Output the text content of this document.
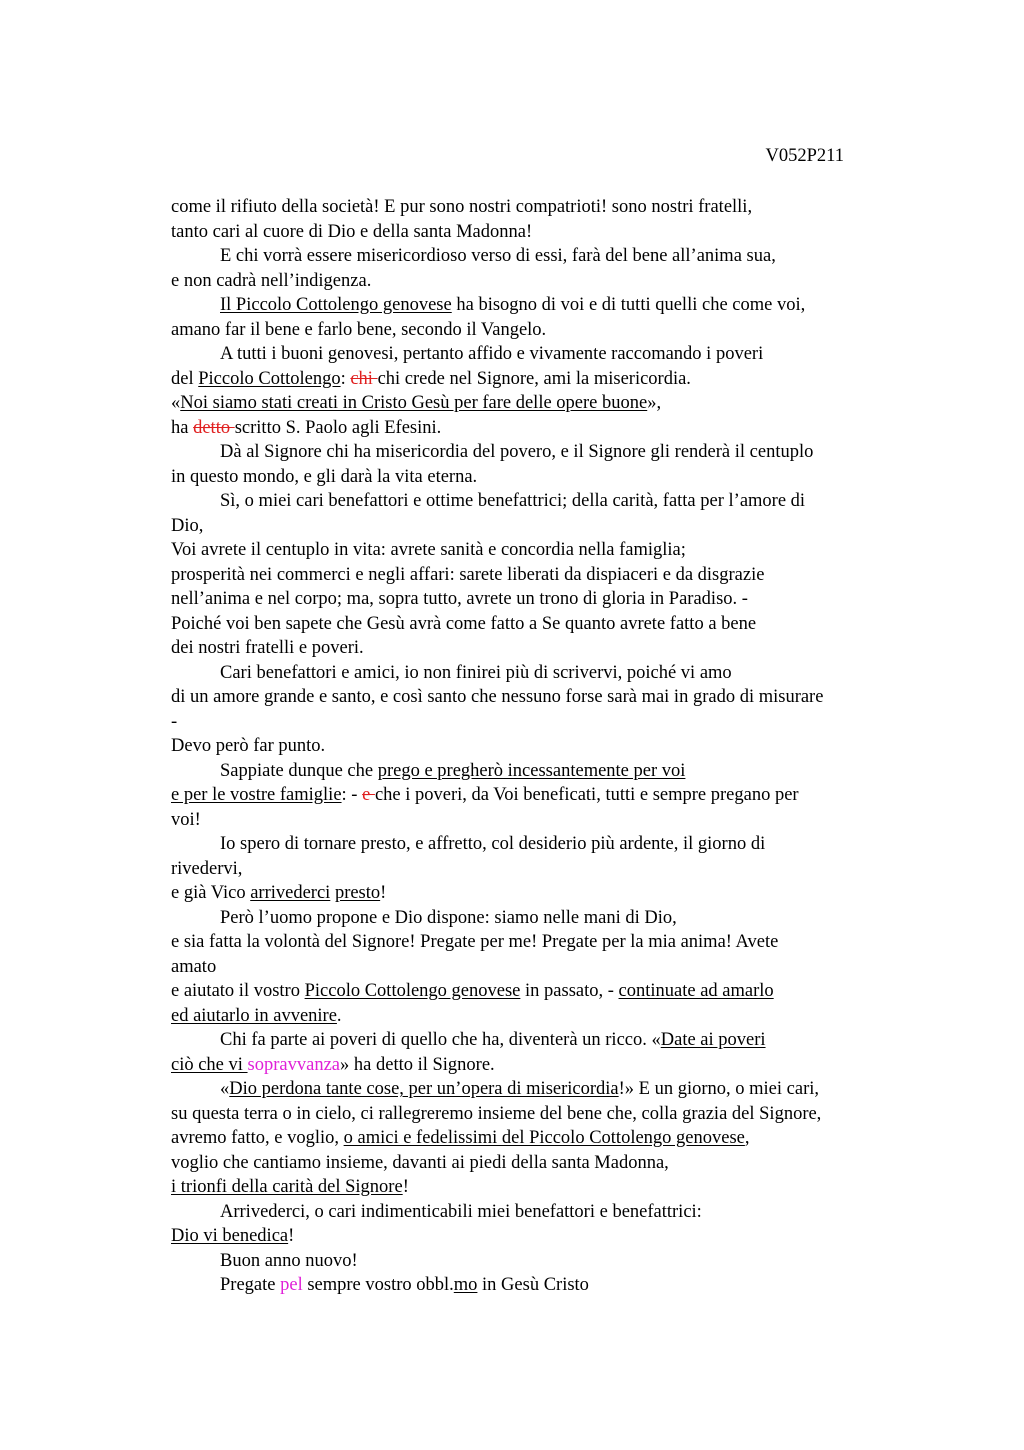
V052P211
come il rifiuto della società! E pur sono nostri compatrioti! sono nostri fratelli,
tanto cari al cuore di Dio e della santa Madonna!
E chi vorrà essere misericordioso verso di essi, farà del bene all’anima sua,
e non cadrà nell’indigenza.
Il Piccolo Cottolengo genovese ha bisogno di voi e di tutti quelli che come voi,
amano far il bene e farlo bene, secondo il Vangelo.
A tutti i buoni genovesi, pertanto affido e vivamente raccomando i poveri
del Piccolo Cottolengo: chi chi crede nel Signore, ami la misericordia.
«Noi siamo stati creati in Cristo Gesù per fare delle opere buone»,
ha detto scritto S. Paolo agli Efesini.
Dà al Signore chi ha misericordia del povero, e il Signore gli renderà il centuplo
in questo mondo, e gli darà la vita eterna.
Sì, o miei cari benefattori e ottime benefattrici; della carità, fatta per l’amore di
Dio,
Voi avrete il centuplo in vita: avrete sanità e concordia nella famiglia;
prosperità nei commerci e negli affari: sarete liberati da dispiaceri e da disgrazie
nell’anima e nel corpo; ma, sopra tutto, avrete un trono di gloria in Paradiso. -
Poiché voi ben sapete che Gesù avrà come fatto a Se quanto avrete fatto a bene
dei nostri fratelli e poveri.
Cari benefattori e amici, io non finirei più di scrivervi, poiché vi amo
di un amore grande e santo, e così santo che nessuno forse sarà mai in grado di misurare
-
Devo però far punto.
Sappiate dunque che prego e pregherò incessantemente per voi
e per le vostre famiglie: - e che i poveri, da Voi beneficati, tutti e sempre pregano per
voi!
Io spero di tornare presto, e affretto, col desiderio più ardente, il giorno di
rivedervi,
e già Vico arrivederci presto!
Però l’uomo propone e Dio dispone: siamo nelle mani di Dio,
e sia fatta la volontà del Signore! Pregate per me! Pregate per la mia anima! Avete
amato
e aiutato il vostro Piccolo Cottolengo genovese in passato, - continuate ad amarlo
ed aiutarlo in avvenire.
Chi fa parte ai poveri di quello che ha, diventerà un ricco. «Date ai poveri
ciò che vi sopravvanza» ha detto il Signore.
«Dio perdona tante cose, per un’opera di misericordia!» E un giorno, o miei cari,
su questa terra o in cielo, ci rallegreremo insieme del bene che, colla grazia del Signore,
avremo fatto, e voglio, o amici e fedelissimi del Piccolo Cottolengo genovese,
voglio che cantiamo insieme, davanti ai piedi della santa Madonna,
i trionfi della carità del Signore!
Arrivederci, o cari indimenticabili miei benefattori e benefattrici:
Dio vi benedica!
Buon anno nuovo!
Pregate pel sempre vostro obbl.mo in Gesù Cristo
